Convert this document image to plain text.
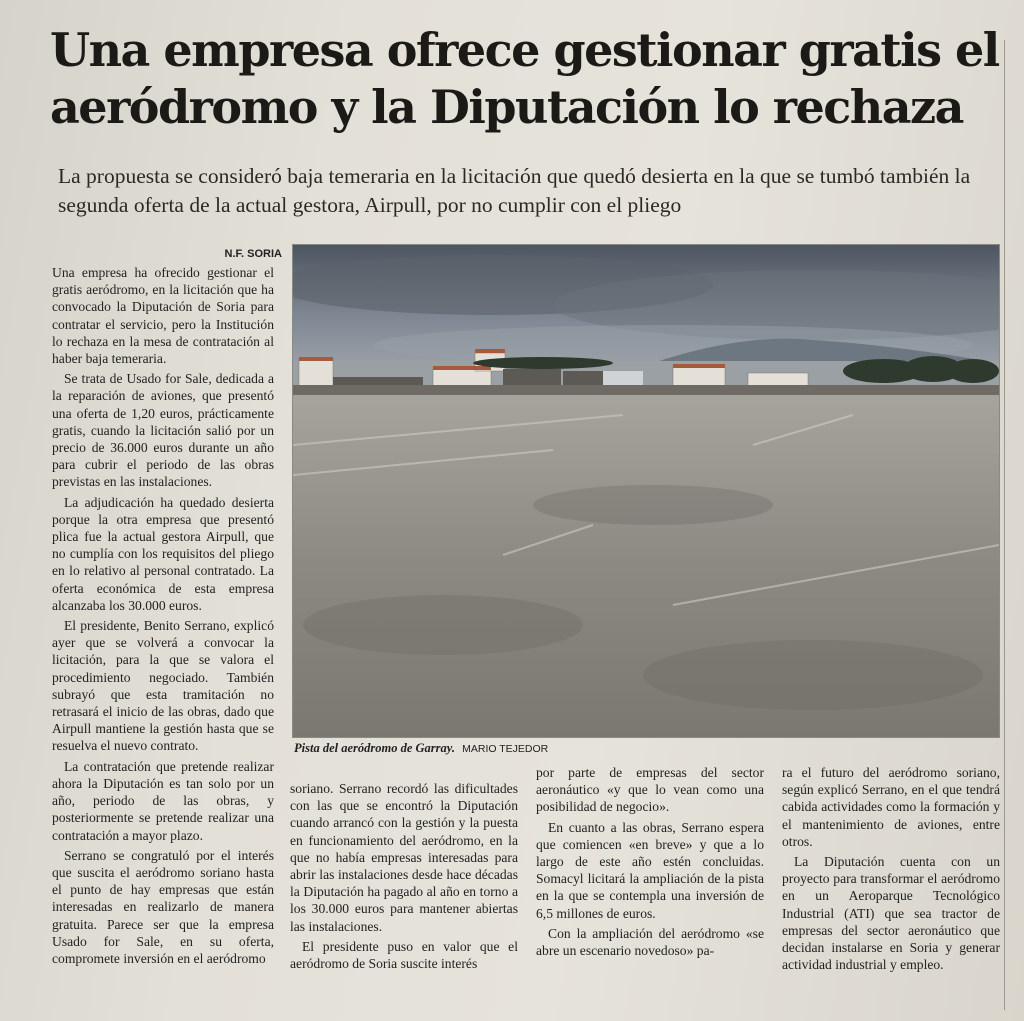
Una empresa ofrece gestionar gratis el aeródromo y la Diputación lo rechaza

La propuesta se consideró baja temeraria en la licitación que quedó desierta en la que se tumbó también la segunda oferta de la actual gestora, Airpull, por no cumplir con el pliego

N.F. SORIA

Una empresa ha ofrecido gestionar el gratis aeródromo, en la licitación que ha convocado la Diputación de Soria para contratar el servicio, pero la Institución lo rechaza en la mesa de contratación al haber baja temeraria.

Se trata de Usado for Sale, dedicada a la reparación de aviones, que presentó una oferta de 1,20 euros, prácticamente gratis, cuando la licitación salió por un precio de 36.000 euros durante un año para cubrir el periodo de las obras previstas en las instalaciones.

La adjudicación ha quedado desierta porque la otra empresa que presentó plica fue la actual gestora Airpull, que no cumplía con los requisitos del pliego en lo relativo al personal contratado. La oferta económica de esta empresa alcanzaba los 30.000 euros.

El presidente, Benito Serrano, explicó ayer que se volverá a convocar la licitación, para la que se valora el procedimiento negociado. También subrayó que esta tramitación no retrasará el inicio de las obras, dado que Airpull mantiene la gestión hasta que se resuelva el nuevo contrato.

La contratación que pretende realizar ahora la Diputación es tan solo por un año, periodo de las obras, y posteriormente se pretende realizar una contratación a mayor plazo.

Serrano se congratuló por el interés que suscita el aeródromo soriano hasta el punto de hay empresas que están interesadas en realizarlo de manera gratuita. Parece ser que la empresa Usado for Sale, en su oferta, compromete inversión en el aeródromo

Pista del aeródromo de Garray. MARIO TEJEDOR

soriano. Serrano recordó las dificultades con las que se encontró la Diputación cuando arrancó con la gestión y la puesta en funcionamiento del aeródromo, en la que no había empresas interesadas para abrir las instalaciones desde hace décadas la Diputación ha pagado al año en torno a los 30.000 euros para mantener abiertas las instalaciones.

El presidente puso en valor que el aeródromo de Soria suscite interés

por parte de empresas del sector aeronáutico «y que lo vean como una posibilidad de negocio».

En cuanto a las obras, Serrano espera que comiencen «en breve» y que a lo largo de este año estén concluidas. Somacyl licitará la ampliación de la pista en la que se contempla una inversión de 6,5 millones de euros.

Con la ampliación del aeródromo «se abre un escenario novedoso» pa-

ra el futuro del aeródromo soriano, según explicó Serrano, en el que tendrá cabida actividades como la formación y el mantenimiento de aviones, entre otros.

La Diputación cuenta con un proyecto para transformar el aeródromo en un Aeroparque Tecnológico Industrial (ATI) que sea tractor de empresas del sector aeronáutico que decidan instalarse en Soria y generar actividad industrial y empleo.
